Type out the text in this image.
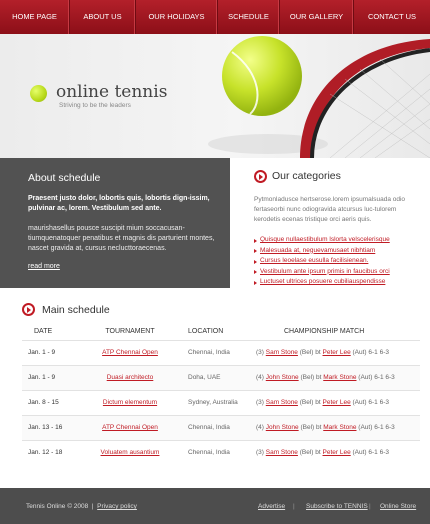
HOME PAGE	ABOUT US	OUR HOLIDAYS	SCHEDULE	OUR GALLERY	CONTACT US
online tennis
Striving to be the leaders
About schedule
Praesent justo dolor, lobortis quis, lobortis dign-issim, pulvinar ac, lorem. Vestibulum sed ante.
maurishasellus pousce suscipit mium soccacusan-tiumquenatoquer penatibus et magnis dis parturient montes, nascet gravida at, cursus neclucttoraecenas.
read more
Our categories
Pytmonladusce hertserose.lorem ipsumalsuada odio fertaseorbi nunc odiogravida atcursus luc-tulorem kerodetis ecenas tristique orci aeris quis.
Quisque nullaestibulum lslorta velscelerisque
Malesuada at, neguevamusaet nibhtiam
Cursus leoelase eusulla facilisienean.
Vestibulum ante ipsum primis in faucibus orci
Luctuset ultrices posuere cubiliauspendisse
Main schedule
DATE	TOURNAMENT	LOCATION	CHAMPIONSHIP MATCH
Jan. 1 - 9	ATP Chennai Open	Chennai, India	(3) Sam Stone (Bel) bt Peter Lee (Aut) 6-1 6-3
Jan. 1 - 9	Duasi architecto	Doha, UAE	(4) John Stone (Bel) bt Mark Stone (Aut) 6-1 6-3
Jan. 8 - 15	Dictum elementum	Sydney, Australia	(3) Sam Stone (Bel) bt Peter Lee (Aut) 6-1 6-3
Jan. 13 - 16	ATP Chennai Open	Chennai, India	(4) John Stone (Bel) bt Mark Stone (Aut) 6-1 6-3
Jan. 12 - 18	Voluatem ausantium	Chennai, India	(3) Sam Stone (Bel) bt Peter Lee (Aut) 6-1 6-3
Tennis Online © 2008  |  Privacy policy	Advertise | Subscribe to TENNIS | Online Store
